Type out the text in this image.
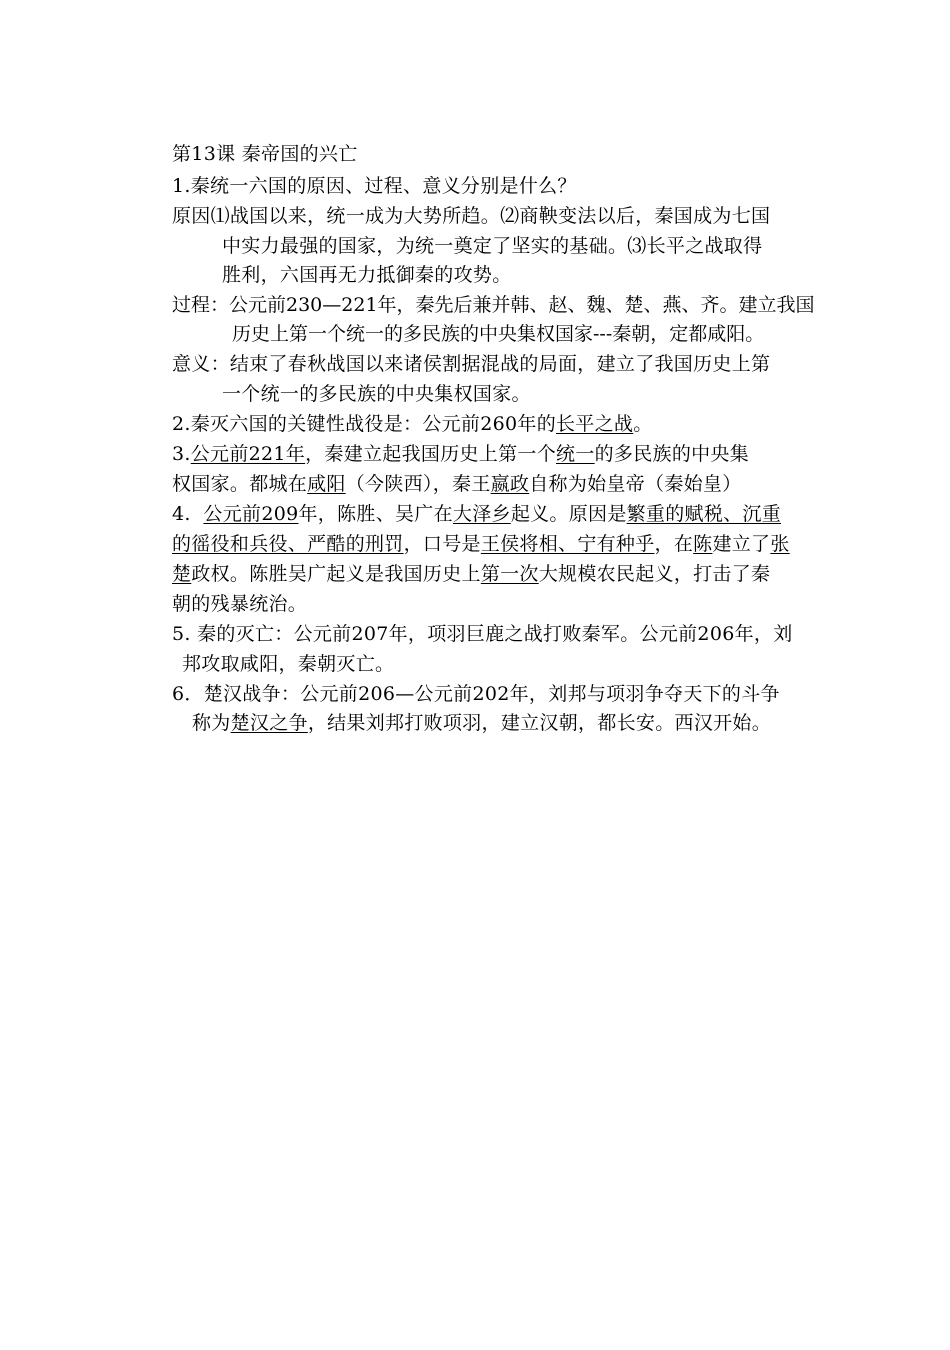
第13课 秦帝国的兴亡
1.秦统一六国的原因、过程、意义分别是什么？
原因⑴战国以来，统一成为大势所趋。⑵商鞅变法以后，秦国成为七国
中实力最强的国家，为统一奠定了坚实的基础。⑶长平之战取得
胜利，六国再无力抵御秦的攻势。
过程：公元前230—221年，秦先后兼并韩、赵、魏、楚、燕、齐。建立我国
历史上第一个统一的多民族的中央集权国家---秦朝，定都咸阳。
意义：结束了春秋战国以来诸侯割据混战的局面，建立了我国历史上第
一个统一的多民族的中央集权国家。
2.秦灭六国的关键性战役是：公元前260年的长平之战。
3.公元前221年，秦建立起我国历史上第一个统一的多民族的中央集
权国家。都城在咸阳（今陕西），秦王嬴政自称为始皇帝（秦始皇）
4.  公元前209年，陈胜、吴广在大泽乡起义。原因是繁重的赋税、沉重
的徭役和兵役、严酷的刑罚，口号是王侯将相、宁有种乎，在陈建立了张
楚政权。陈胜吴广起义是我国历史上第一次大规模农民起义，打击了秦
朝的残暴统治。
5. 秦的灭亡：公元前207年，项羽巨鹿之战打败秦军。公元前206年，刘
邦攻取咸阳，秦朝灭亡。
6．楚汉战争：公元前206—公元前202年，刘邦与项羽争夺天下的斗争
称为楚汉之争，结果刘邦打败项羽，建立汉朝，都长安。西汉开始。
